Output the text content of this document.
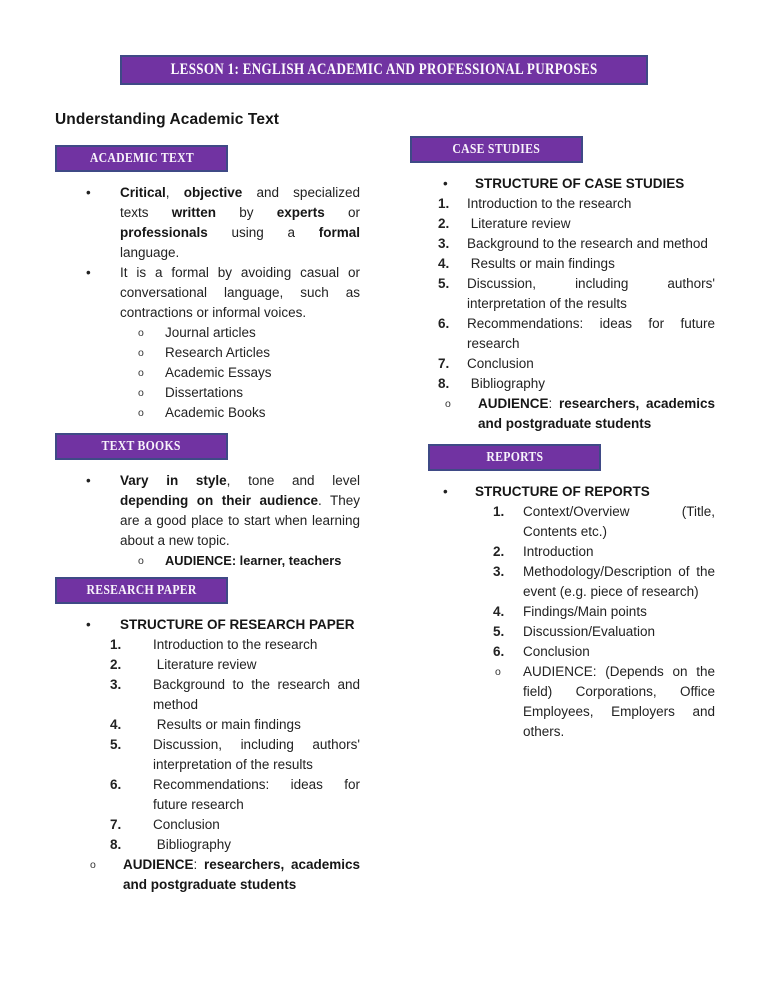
LESSON 1: ENGLISH ACADEMIC AND PROFESSIONAL PURPOSES
Understanding Academic Text
ACADEMIC TEXT
•	Critical, objective and specialized texts written by experts or professionals using a formal language.
•	It is a formal by avoiding casual or conversational language, such as contractions or informal voices.
o	Journal articles
o	Research Articles
o	Academic Essays
o	Dissertations
o	Academic Books
TEXT BOOKS
•	Vary in style, tone and level depending on their audience. They are a good place to start when learning about a new topic.
o	AUDIENCE: learner, teachers
RESEARCH PAPER
•	STRUCTURE OF RESEARCH PAPER
1.	Introduction to the research
2.	Literature review
3.	Background to the research and method
4.	Results or main findings
5.	Discussion, including authors' interpretation of the results
6.	Recommendations: ideas for future research
7.	Conclusion
8.	Bibliography
o	AUDIENCE: researchers, academics and postgraduate students
CASE STUDIES
•	STRUCTURE OF CASE STUDIES
1.	Introduction to the research
2.	Literature review
3.	Background to the research and method
4.	Results or main findings
5.	Discussion, including authors' interpretation of the results
6.	Recommendations: ideas for future research
7.	Conclusion
8.	Bibliography
o	AUDIENCE: researchers, academics and postgraduate students
REPORTS
•	STRUCTURE OF REPORTS
1.	Context/Overview (Title, Contents etc.)
2.	Introduction
3.	Methodology/Description of the event (e.g. piece of research)
4.	Findings/Main points
5.	Discussion/Evaluation
6.	Conclusion
o	AUDIENCE: (Depends on the field) Corporations, Office Employees, Employers and others.
